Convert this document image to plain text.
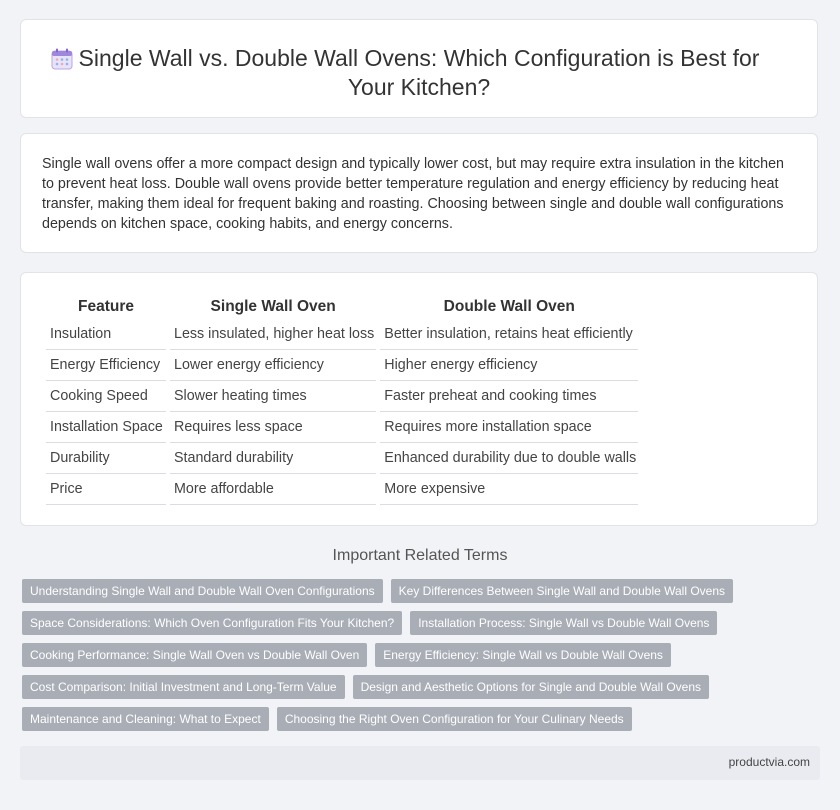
Single Wall vs. Double Wall Ovens: Which Configuration is Best for Your Kitchen?
Single wall ovens offer a more compact design and typically lower cost, but may require extra insulation in the kitchen to prevent heat loss. Double wall ovens provide better temperature regulation and energy efficiency by reducing heat transfer, making them ideal for frequent baking and roasting. Choosing between single and double wall configurations depends on kitchen space, cooking habits, and energy concerns.
Feature	Single Wall Oven	Double Wall Oven
Insulation	Less insulated, higher heat loss	Better insulation, retains heat efficiently
Energy Efficiency	Lower energy efficiency	Higher energy efficiency
Cooking Speed	Slower heating times	Faster preheat and cooking times
Installation Space	Requires less space	Requires more installation space
Durability	Standard durability	Enhanced durability due to double walls
Price	More affordable	More expensive
Important Related Terms
Understanding Single Wall and Double Wall Oven Configurations	Key Differences Between Single Wall and Double Wall Ovens
Space Considerations: Which Oven Configuration Fits Your Kitchen?	Installation Process: Single Wall vs Double Wall Ovens
Cooking Performance: Single Wall Oven vs Double Wall Oven	Energy Efficiency: Single Wall vs Double Wall Ovens
Cost Comparison: Initial Investment and Long-Term Value	Design and Aesthetic Options for Single and Double Wall Ovens
Maintenance and Cleaning: What to Expect	Choosing the Right Oven Configuration for Your Culinary Needs
productvia.com
